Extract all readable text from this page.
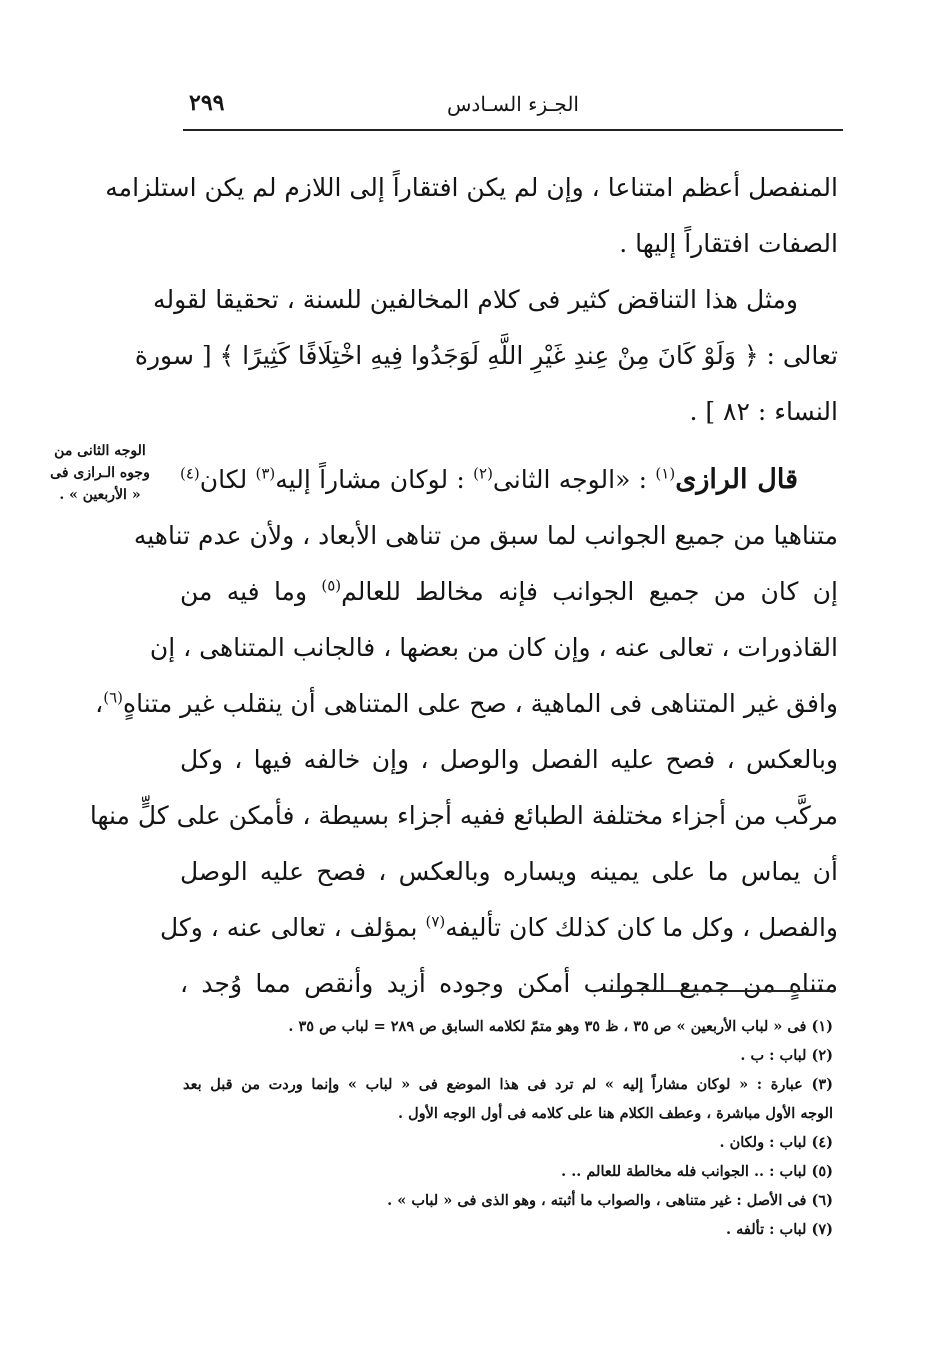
٢٩٩	الجـزء السـادس
الوجه الثانى من
وجوه الـرازى فى
« الأربعين » .
المنفصل أعظم امتناعا ، وإن لم يكن افتقاراً إلى اللازم لم يكن استلزامه
الصفات افتقاراً إليها .
ومثل هذا التناقض كثير فى كلام المخالفين للسنة ، تحقيقا لقوله
تعالى : ﴿ وَلَوْ كَانَ مِنْ عِندِ غَيْرِ اللَّهِ لَوَجَدُوا فِيهِ اخْتِلَافًا كَثِيرًا ﴾ [ سورة
النساء : ٨٢ ] .
قال الرازى$^{(١)}$ : «الوجه الثانى$^{(٢)}$ : لوكان مشاراً إليه$^{(٣)}$ لكان$^{(٤)}$
متناهيا من جميع الجوانب لما سبق من تناهى الأبعاد ، ولأن عدم تناهيه
إن كان من جميع الجوانب فإنه مخالط للعالم$^{(٥)}$ وما فيه من
القاذورات ، تعالى عنه ، وإن كان من بعضها ، فالجانب المتناهى ، إن
وافق غير المتناهى فى الماهية ، صح على المتناهى أن ينقلب غير متناهٍ$^{(٦)}$،
وبالعكس ، فصح عليه الفصل والوصل ، وإن خالفه فيها ، وكل
مركَّب من أجزاء مختلفة الطبائع ففيه أجزاء بسيطة ، فأمكن على كلٍّ منها
أن يماس ما على يمينه ويساره وبالعكس ، فصح عليه الوصل
والفصل ، وكل ما كان كذلك كان تأليفه$^{(٧)}$ بمؤلف ، تعالى عنه ، وكل
متناهٍ من جميع الجوانب أمكن وجوده أزيد وأنقص مما وُجد ،
(١) فى « لباب الأربعين » ص ٣٥ ، ظ ٣٥ وهو متمّ لكلامه السابق ص ٢٨٩ = لباب ص ٣٥ .
(٢) لباب : ب .
(٣) عبارة : « لوكان مشاراً إليه » لم ترد فى هذا الموضع فى « لباب » وإنما وردت من قبل بعد
الوجه الأول مباشرة ، وعطف الكلام هنا على كلامه فى أول الوجه الأول .
(٤) لباب : ولكان .
(٥) لباب : .. الجوانب فله مخالطة للعالم .. .
(٦) فى الأصل : غير متناهى ، والصواب ما أثبته ، وهو الذى فى « لباب » .
(٧) لباب : تألفه .
